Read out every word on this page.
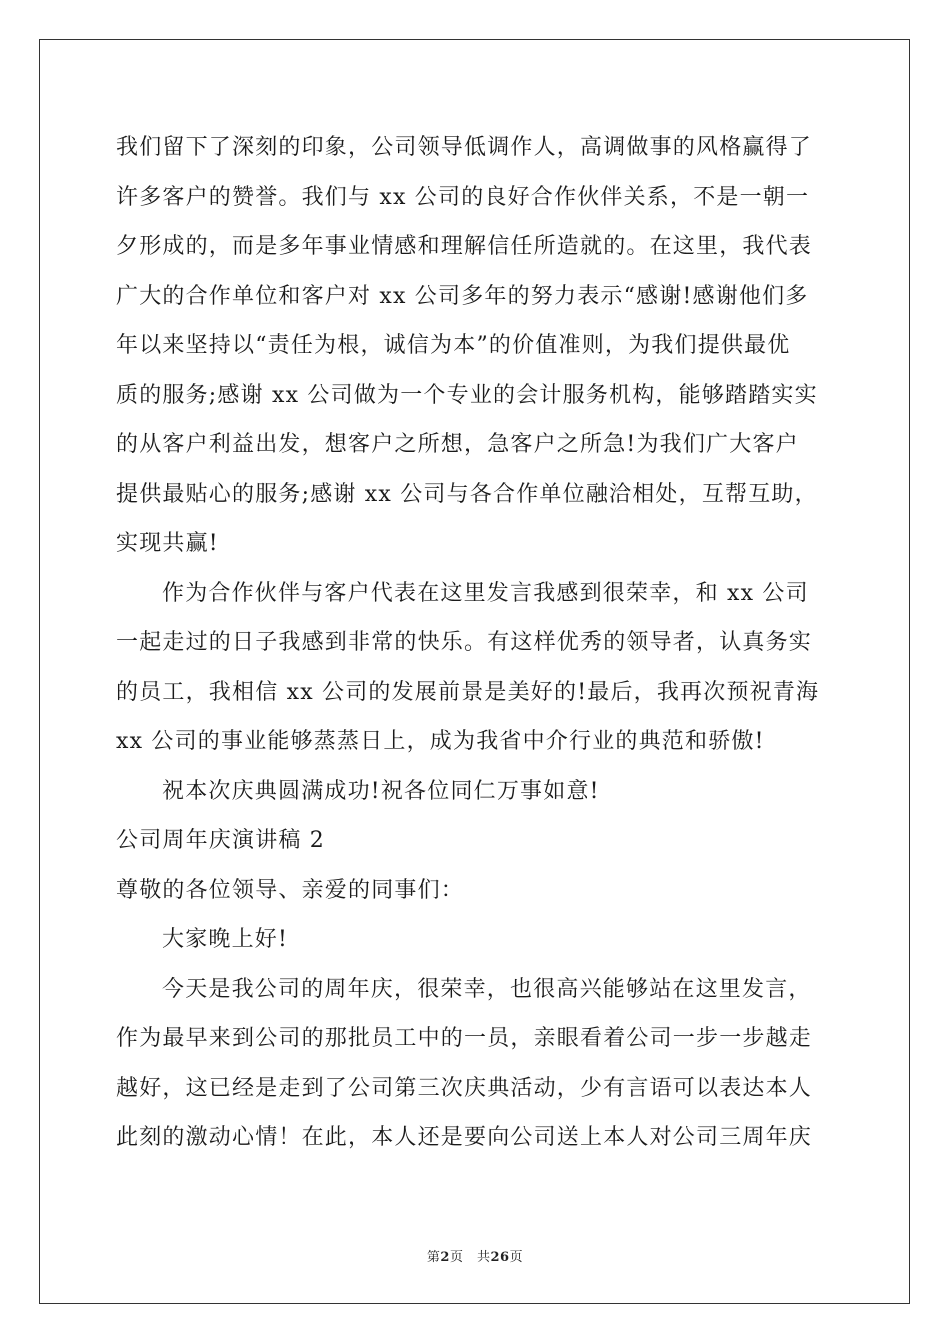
我们留下了深刻的印象，公司领导低调作人，高调做事的风格赢得了
许多客户的赞誉。我们与 xx 公司的良好合作伙伴关系，不是一朝一
夕形成的，而是多年事业情感和理解信任所造就的。在这里，我代表
广大的合作单位和客户对 xx 公司多年的努力表示“感谢!感谢他们多
年以来坚持以“责任为根，诚信为本”的价值准则，为我们提供最优
质的服务;感谢 xx 公司做为一个专业的会计服务机构，能够踏踏实实
的从客户利益出发，想客户之所想，急客户之所急!为我们广大客户
提供最贴心的服务;感谢 xx 公司与各合作单位融洽相处，互帮互助，
实现共赢!
作为合作伙伴与客户代表在这里发言我感到很荣幸，和 xx 公司
一起走过的日子我感到非常的快乐。有这样优秀的领导者，认真务实
的员工，我相信 xx 公司的发展前景是美好的!最后，我再次预祝青海
xx 公司的事业能够蒸蒸日上，成为我省中介行业的典范和骄傲!
祝本次庆典圆满成功!祝各位同仁万事如意!
公司周年庆演讲稿 2
尊敬的各位领导、亲爱的同事们：
大家晚上好!
今天是我公司的周年庆，很荣幸，也很高兴能够站在这里发言，
作为最早来到公司的那批员工中的一员，亲眼看着公司一步一步越走
越好，这已经是走到了公司第三次庆典活动，少有言语可以表达本人
此刻的激动心情！在此，本人还是要向公司送上本人对公司三周年庆
第2页　共26页
